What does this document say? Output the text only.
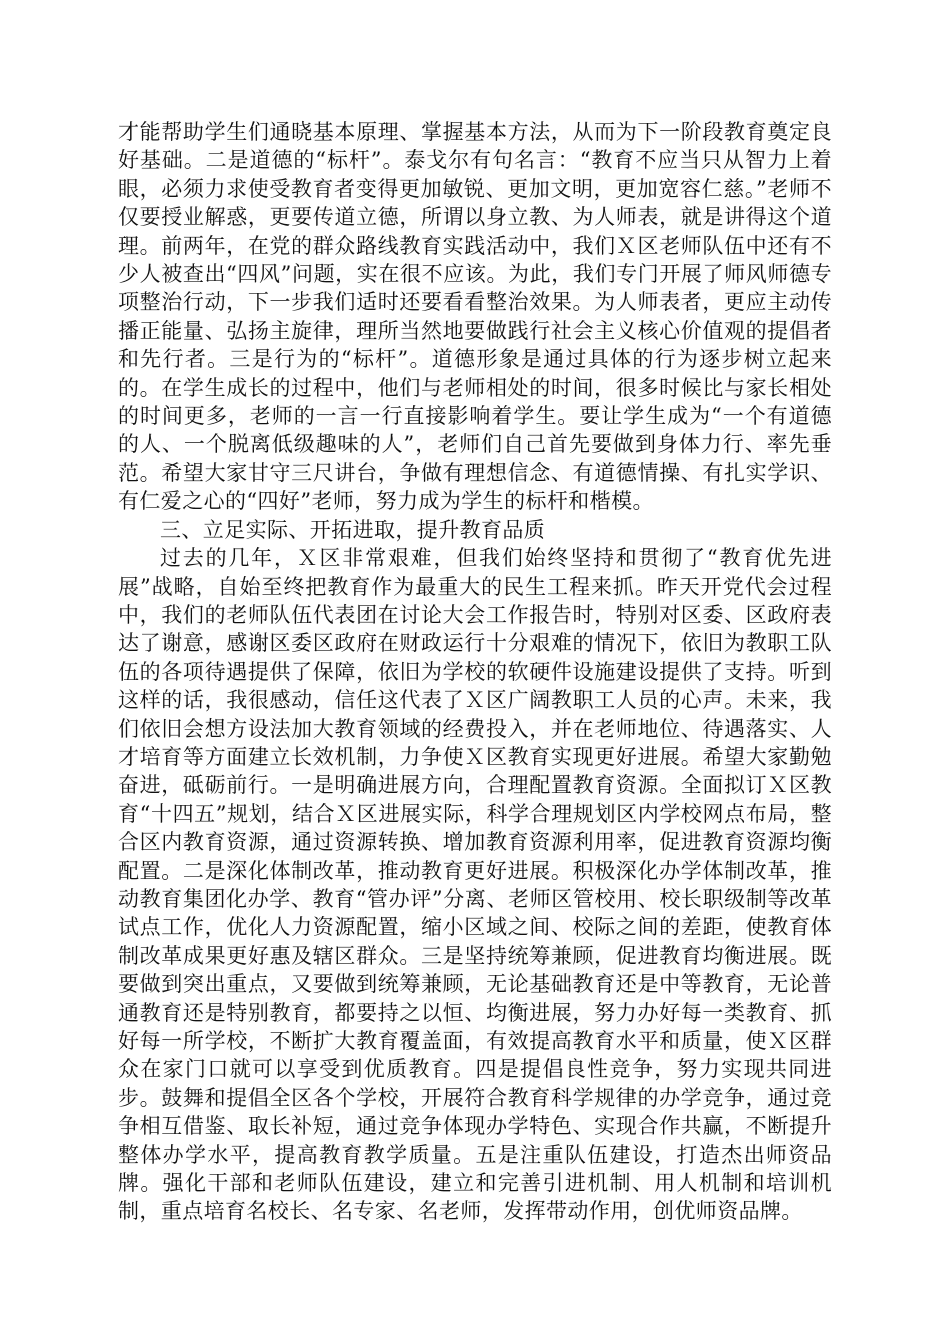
才能帮助学生们通晓基本原理、掌握基本方法，从而为下一阶段教育奠定良好基础。二是道德的“标杆”。泰戈尔有句名言：“教育不应当只从智力上着眼，必须力求使受教育者变得更加敏锐、更加文明，更加宽容仁慈。”老师不仅要授业解惑，更要传道立德，所谓以身立教、为人师表，就是讲得这个道理。前两年，在党的群众路线教育实践活动中，我们Ｘ区老师队伍中还有不少人被查出“四风”问题，实在很不应该。为此，我们专门开展了师风师德专项整治行动，下一步我们适时还要看看整治效果。为人师表者，更应主动传播正能量、弘扬主旋律，理所当然地要做践行社会主义核心价值观的提倡者和先行者。三是行为的“标杆”。道德形象是通过具体的行为逐步树立起来的。在学生成长的过程中，他们与老师相处的时间，很多时候比与家长相处的时间更多，老师的一言一行直接影响着学生。要让学生成为“一个有道德的人、一个脱离低级趣味的人”，老师们自己首先要做到身体力行、率先垂范。希望大家甘守三尺讲台，争做有理想信念、有道德情操、有扎实学识、有仁爱之心的“四好”老师，努力成为学生的标杆和楷模。

三、立足实际、开拓进取，提升教育品质

过去的几年，Ｘ区非常艰难，但我们始终坚持和贯彻了“教育优先进展”战略，自始至终把教育作为最重大的民生工程来抓。昨天开党代会过程中，我们的老师队伍代表团在讨论大会工作报告时，特别对区委、区政府表达了谢意，感谢区委区政府在财政运行十分艰难的情况下，依旧为教职工队伍的各项待遇提供了保障，依旧为学校的软硬件设施建设提供了支持。听到这样的话，我很感动，信任这代表了Ｘ区广阔教职工人员的心声。未来，我们依旧会想方设法加大教育领域的经费投入，并在老师地位、待遇落实、人才培育等方面建立长效机制，力争使Ｘ区教育实现更好进展。希望大家勤勉奋进，砥砺前行。一是明确进展方向，合理配置教育资源。全面拟订Ｘ区教育“十四五”规划，结合Ｘ区进展实际，科学合理规划区内学校网点布局，整合区内教育资源，通过资源转换、增加教育资源利用率，促进教育资源均衡配置。二是深化体制改革，推动教育更好进展。积极深化办学体制改革，推动教育集团化办学、教育“管办评”分离、老师区管校用、校长职级制等改革试点工作，优化人力资源配置，缩小区域之间、校际之间的差距，使教育体制改革成果更好惠及辖区群众。三是坚持统筹兼顾，促进教育均衡进展。既要做到突出重点，又要做到统筹兼顾，无论基础教育还是中等教育，无论普通教育还是特别教育，都要持之以恒、均衡进展，努力办好每一类教育、抓好每一所学校，不断扩大教育覆盖面，有效提高教育水平和质量，使Ｘ区群众在家门口就可以享受到优质教育。四是提倡良性竞争，努力实现共同进步。鼓舞和提倡全区各个学校，开展符合教育科学规律的办学竞争，通过竞争相互借鉴、取长补短，通过竞争体现办学特色、实现合作共赢，不断提升整体办学水平，提高教育教学质量。五是注重队伍建设，打造杰出师资品牌。强化干部和老师队伍建设，建立和完善引进机制、用人机制和培训机制，重点培育名校长、名专家、名老师，发挥带动作用，创优师资品牌。
